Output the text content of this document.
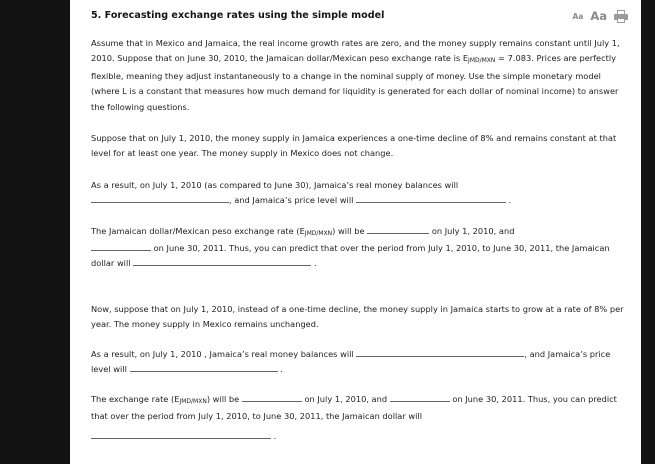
5. Forecasting exchange rates using the simple model	Aa Aa

Assume that in Mexico and Jamaica, the real income growth rates are zero, and the money supply remains constant until July 1, 2010. Suppose that on June 30, 2010, the Jamaican dollar/Mexican peso exchange rate is EJMD/MXN = 7.083. Prices are perfectly flexible, meaning they adjust instantaneously to a change in the nominal supply of money. Use the simple monetary model (where L is a constant that measures how much demand for liquidity is generated for each dollar of nominal income) to answer the following questions.

Suppose that on July 1, 2010, the money supply in Jamaica experiences a one-time decline of 8% and remains constant at that level for at least one year. The money supply in Mexico does not change.

As a result, on July 1, 2010 (as compared to June 30), Jamaica’s real money balances will
, and Jamaica’s price level will	.

The Jamaican dollar/Mexican peso exchange rate (EJMD/MXN) will be	on July 1, 2010, and
on June 30, 2011. Thus, you can predict that over the period from July 1, 2010, to June 30, 2011, the Jamaican dollar will	.

Now, suppose that on July 1, 2010, instead of a one-time decline, the money supply in Jamaica starts to grow at a rate of 8% per year. The money supply in Mexico remains unchanged.

As a result, on July 1, 2010 , Jamaica’s real money balances will	, and Jamaica’s price level will	.

The exchange rate (EJMD/MXN) will be	on July 1, 2010, and	on June 30, 2011. Thus, you can predict that over the period from July 1, 2010, to June 30, 2011, the Jamaican dollar will
.
